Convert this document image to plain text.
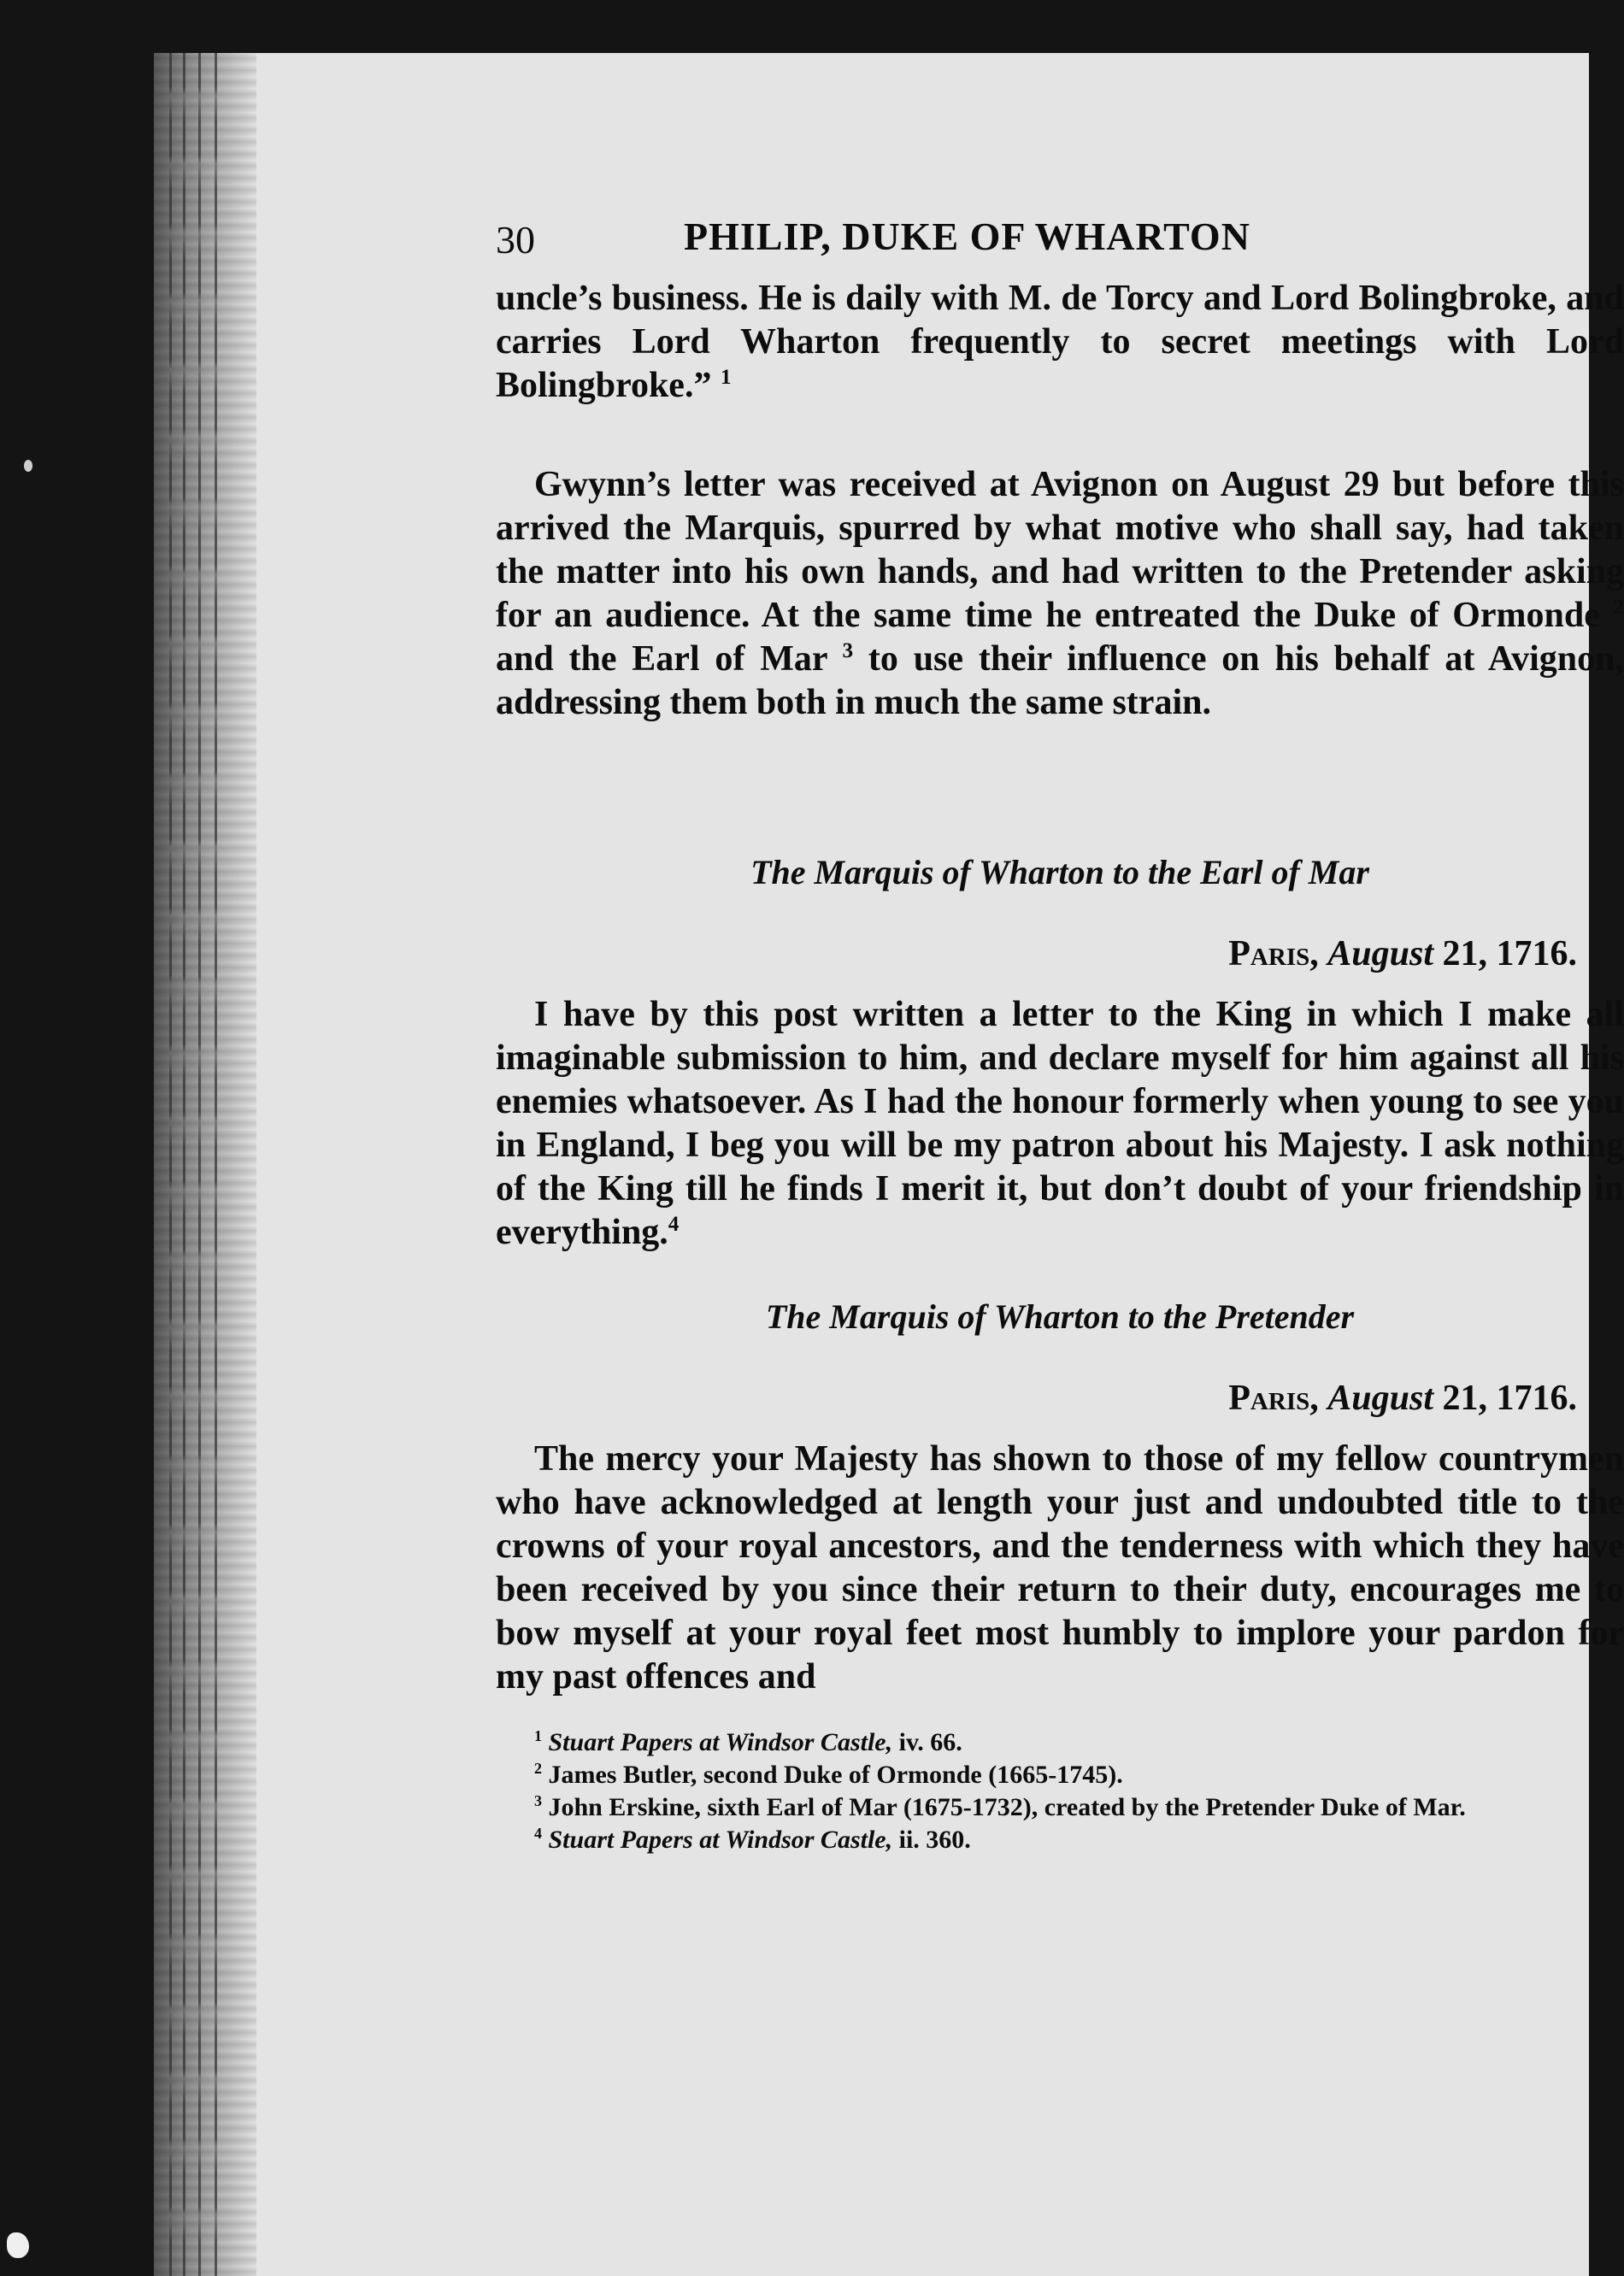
30	PHILIP, DUKE OF WHARTON

uncle’s business. He is daily with M. de Torcy and Lord Bolingbroke, and carries Lord Wharton frequently to secret meetings with Lord Bolingbroke.” $^1$

Gwynn’s letter was received at Avignon on August 29 but before this arrived the Marquis, spurred by what motive who shall say, had taken the matter into his own hands, and had written to the Pretender asking for an audience. At the same time he entreated the Duke of Ormonde $^2$ and the Earl of Mar $^3$ to use their influence on his behalf at Avignon, addressing them both in much the same strain.

The Marquis of Wharton to the Earl of Mar

Paris, August 21, 1716.

I have by this post written a letter to the King in which I make all imaginable submission to him, and declare myself for him against all his enemies whatsoever. As I had the honour formerly when young to see you in England, I beg you will be my patron about his Majesty. I ask nothing of the King till he finds I merit it, but don’t doubt of your friendship in everything.$^4$

The Marquis of Wharton to the Pretender

Paris, August 21, 1716.

The mercy your Majesty has shown to those of my fellow countrymen who have acknowledged at length your just and undoubted title to the crowns of your royal ancestors, and the tenderness with which they have been received by you since their return to their duty, encourages me to bow myself at your royal feet most humbly to implore your pardon for my past offences and

$^1$ Stuart Papers at Windsor Castle, iv. 66.

$^2$ James Butler, second Duke of Ormonde (1665-1745).

$^3$ John Erskine, sixth Earl of Mar (1675-1732), created by the Pretender Duke of Mar.

$^4$ Stuart Papers at Windsor Castle, ii. 360.
